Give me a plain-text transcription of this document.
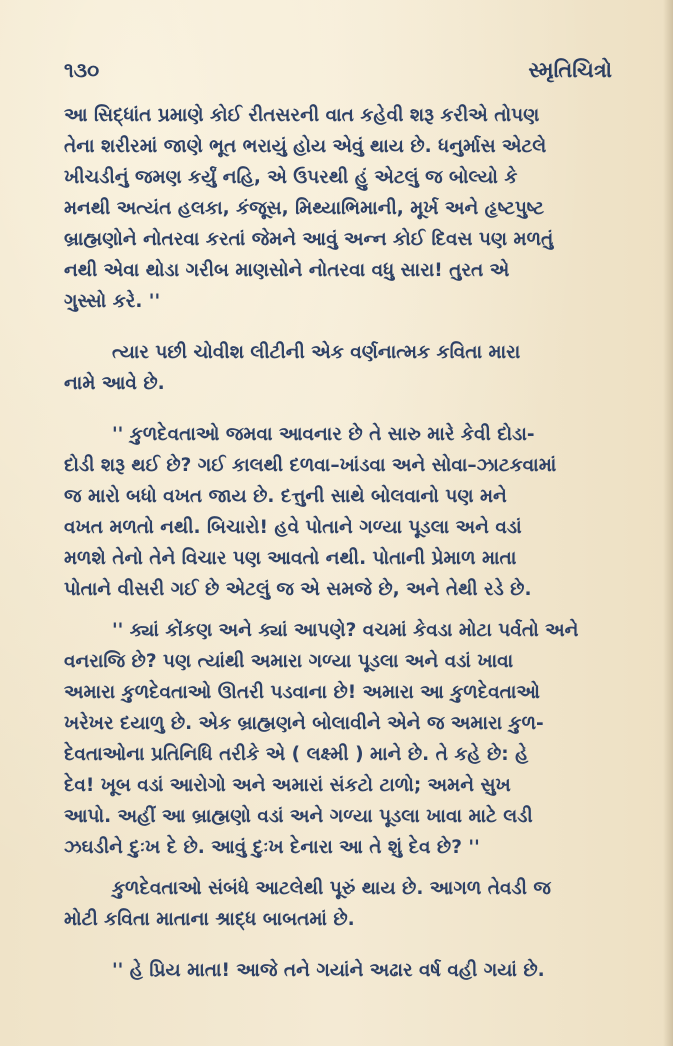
૧૩૦	સ્મૃતિચિત્રો

આ સિદ્ધાંત પ્રમાણે કોઈ રીતસરની વાત કહેવી શરૂ કરીએ તોપણ
તેના શરીરમાં જાણે ભૂત ભરાયું હોય એવું થાય છે. ધનુર્માસ એટલે
ખીચડીનું જમણ કર્યું નહિ, એ ઉપરથી હું એટલું જ બોલ્યો કે
મનથી અત્યંત હલકા, કંજૂસ, મિથ્યાભિમાની, મૂર્ખ અને હૃષ્ટપુષ્ટ
બ્રાહ્મણોને નોતરવા કરતાં જેમને આવું અન્ન કોઈ દિવસ પણ મળતું
નથી એવા થોડા ગરીબ માણસોને નોતરવા વધુ સારા! તુરત એ
ગુસ્સો કરે. ''

ત્યાર પછી ચોવીશ લીટીની એક વર્ણનાત્મક કવિતા મારા
નામે આવે છે.

'' કુળદેવતાઓ જમવા આવનાર છે તે સારુ મારે કેવી દોડા-
દોડી શરૂ થઈ છે? ગઈ કાલથી દળવા–ખાંડવા અને સોવા–ઝાટકવામાં
જ મારો બધો વખત જાય છે. દત્તુની સાથે બોલવાનો પણ મને
વખત મળતો નથી. બિચારો! હવે પોતાને ગળ્યા પૂડલા અને વડાં
મળશે તેનો તેને વિચાર પણ આવતો નથી. પોતાની પ્રેમાળ માતા
પોતાને વીસરી ગઈ છે એટલું જ એ સમજે છે, અને તેથી રડે છે.

'' ક્યાં કોંકણ અને ક્યાં આપણે? વચમાં કેવડા મોટા પર્વતો અને
વનરાજિ છે? પણ ત્યાંથી અમારા ગળ્યા પૂડલા અને વડાં ખાવા
અમારા કુળદેવતાઓ ઊતરી પડવાના છે! અમારા આ કુળદેવતાઓ
ખરેખર દયાળુ છે. એક બ્રાહ્મણને બોલાવીને એને જ અમારા કુળ-
દેવતાઓના પ્રતિનિધિ તરીકે એ ( લક્ષ્મી ) માને છે. તે કહે છે: હે
દેવ! ખૂબ વડાં આરોગો અને અમારાં સંકટો ટાળો; અમને સુખ
આપો. અહીં આ બ્રાહ્મણો વડાં અને ગળ્યા પૂડલા ખાવા માટે લડી
ઝઘડીને દુઃખ દે છે. આવું દુઃખ દેનારા આ તે શું દેવ છે? ''

કુળદેવતાઓ સંબંધે આટલેથી પૂરું થાય છે. આગળ તેવડી જ
મોટી કવિતા માતાના શ્રાદ્ધ બાબતમાં છે.

'' હે પ્રિય માતા! આજે તને ગયાંને અઢાર વર્ષ વહી ગયાં છે.
